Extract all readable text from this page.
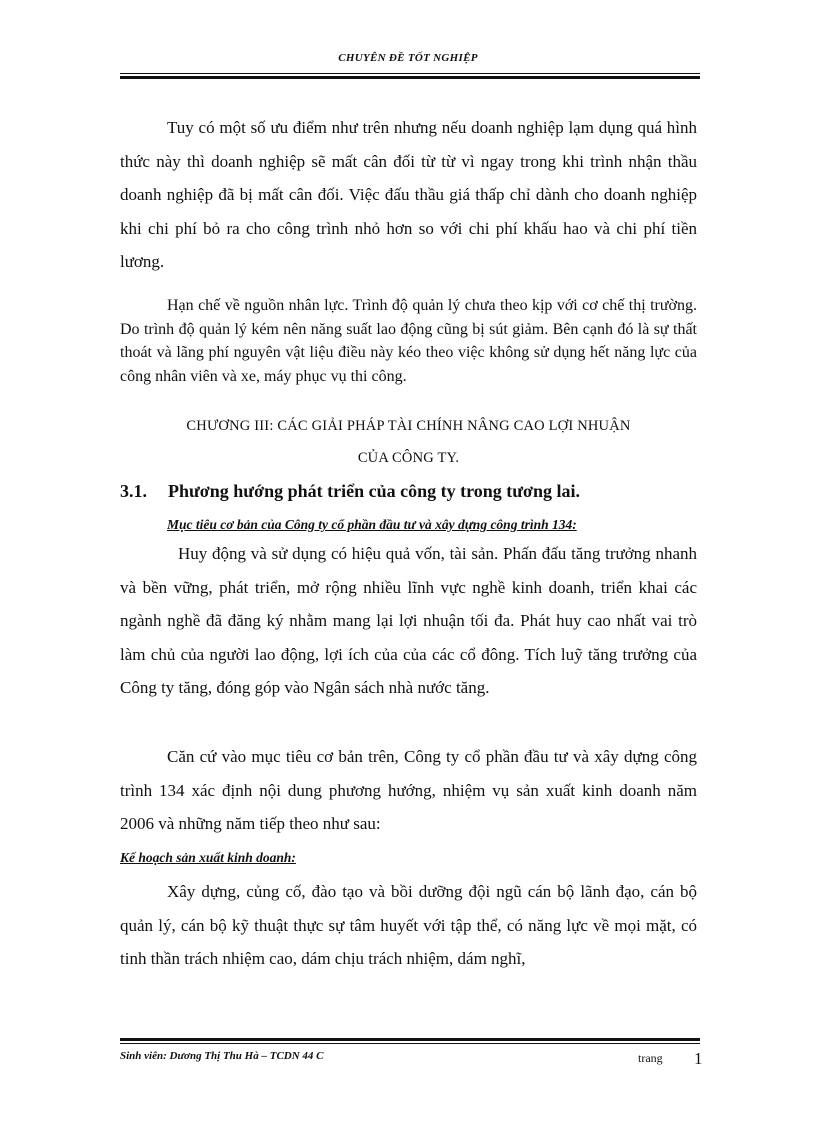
CHUYÊN ĐỀ TỐT NGHIỆP
Tuy có một số ưu điểm như trên nhưng nếu doanh nghiệp lạm dụng quá hình thức này thì doanh nghiệp sẽ mất cân đối từ từ vì ngay trong khi trình nhận thầu doanh nghiệp đã bị mất cân đối. Việc đấu thầu giá thấp chỉ dành cho doanh nghiệp khi chi phí bỏ ra cho công trình nhỏ hơn so với chi phí khấu hao và chi phí tiền lương.
Hạn chế về nguồn nhân lực. Trình độ quản lý chưa theo kịp với cơ chế thị trường. Do trình độ quản lý kém nên năng suất lao động cũng bị sút giảm. Bên cạnh đó là sự thất thoát và lãng phí nguyên vật liệu điều này kéo theo việc không sử dụng hết năng lực của công nhân viên và xe, máy phục vụ thi công.
CHƯƠNG III: CÁC GIẢI PHÁP TÀI CHÍNH NÂNG CAO LỢI NHUẬN
CỦA CÔNG TY.
3.1. Phương hướng phát triển của công ty trong tương lai.
Mục tiêu cơ bản của Công ty cổ phần đầu tư và xây dựng công trình 134:
Huy động và sử dụng có hiệu quả vốn, tài sản. Phấn đấu tăng trưởng nhanh và bền vững, phát triển, mở rộng nhiều lĩnh vực nghề kinh doanh, triển khai các ngành nghề đã đăng ký nhằm mang lại lợi nhuận tối đa. Phát huy cao nhất vai trò làm chủ của người lao động, lợi ích của của các cổ đông. Tích luỹ tăng trưởng của Công ty tăng, đóng góp vào Ngân sách nhà nước tăng.
Căn cứ vào mục tiêu cơ bản trên, Công ty cổ phần đầu tư và xây dựng công trình 134 xác định nội dung phương hướng, nhiệm vụ sản xuất kinh doanh năm 2006 và những năm tiếp theo như sau:
Kế hoạch sản xuất kinh doanh:
Xây dựng, củng cố, đào tạo và bồi dưỡng đội ngũ cán bộ lãnh đạo, cán bộ quản lý, cán bộ kỹ thuật thực sự tâm huyết với tập thể, có năng lực về mọi mặt, có tinh thần trách nhiệm cao, dám chịu trách nhiệm, dám nghĩ,
Sinh viên: Dương Thị Thu Hà – TCDN 44 C	trang 1
